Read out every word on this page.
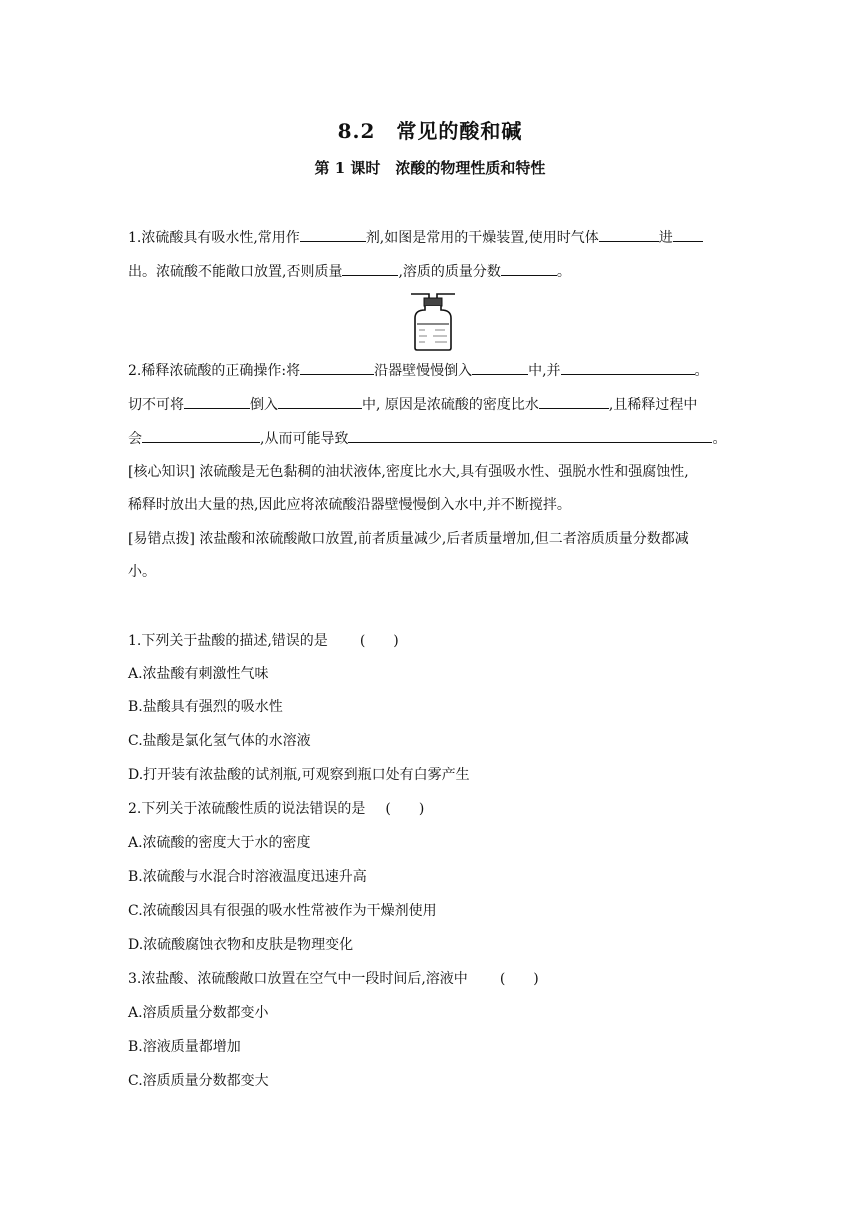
8.2　常见的酸和碱
第 1 课时　浓酸的物理性质和特性
1.浓硫酸具有吸水性,常用作	剂,如图是常用的干燥装置,使用时气体	进
出。浓硫酸不能敞口放置,否则质量	,溶质的质量分数	。
2.稀释浓硫酸的正确操作:将	沿器壁慢慢倒入	中,并	。
切不可将	倒入	中, 原因是浓硫酸的密度比水	,且稀释过程中
会	,从而可能导致	。
[核心知识] 浓硫酸是无色黏稠的油状液体,密度比水大,具有强吸水性、强脱水性和强腐蚀性,
稀释时放出大量的热,因此应将浓硫酸沿器壁慢慢倒入水中,并不断搅拌。
[易错点拨] 浓盐酸和浓硫酸敞口放置,前者质量减少,后者质量增加,但二者溶质质量分数都减
小。
1.下列关于盐酸的描述,错误的是 (　　)
A.浓盐酸有刺激性气味
B.盐酸具有强烈的吸水性
C.盐酸是氯化氢气体的水溶液
D.打开装有浓盐酸的试剂瓶,可观察到瓶口处有白雾产生
2.下列关于浓硫酸性质的说法错误的是 (　　)
A.浓硫酸的密度大于水的密度
B.浓硫酸与水混合时溶液温度迅速升高
C.浓硫酸因具有很强的吸水性常被作为干燥剂使用
D.浓硫酸腐蚀衣物和皮肤是物理变化
3.浓盐酸、浓硫酸敞口放置在空气中一段时间后,溶液中 (　　)
A.溶质质量分数都变小
B.溶液质量都增加
C.溶质质量分数都变大
